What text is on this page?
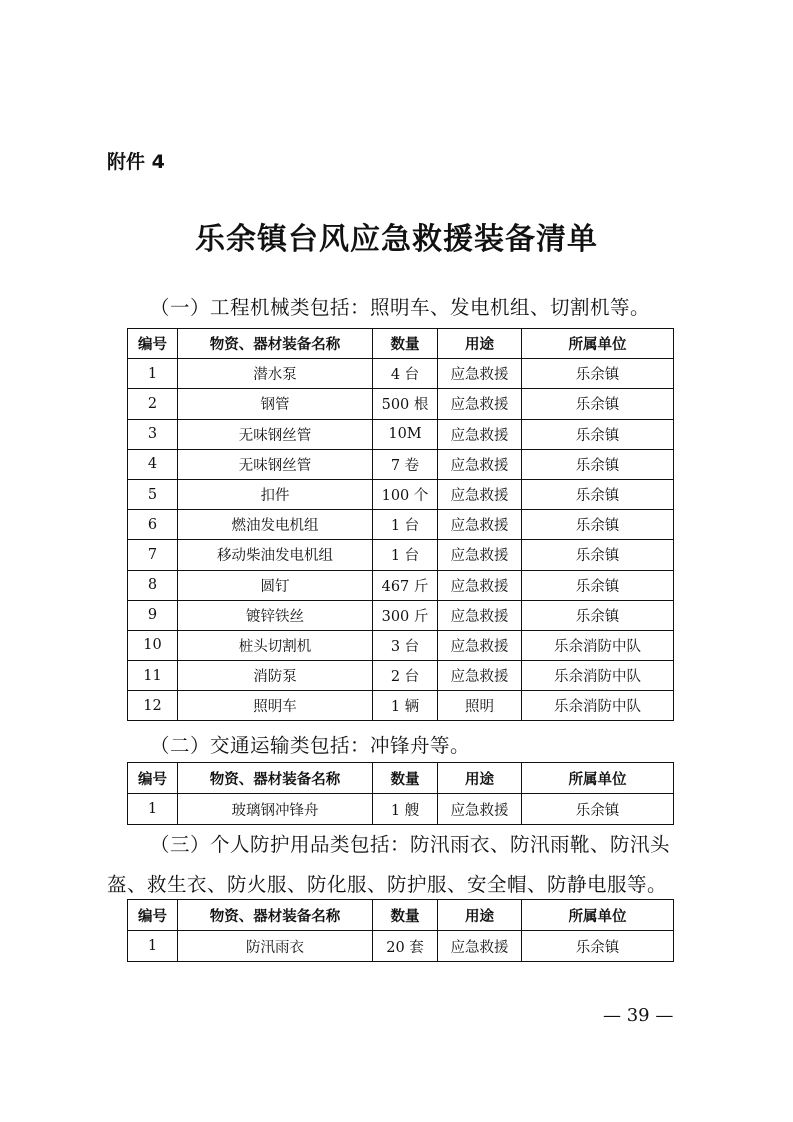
附件 4
乐余镇台风应急救援装备清单
（一）工程机械类包括：照明车、发电机组、切割机等。
编号	物资、器材装备名称	数量	用途	所属单位
1	潜水泵	4 台	应急救援	乐余镇
2	钢管	500 根	应急救援	乐余镇
3	无味钢丝管	10M	应急救援	乐余镇
4	无味钢丝管	7 卷	应急救援	乐余镇
5	扣件	100 个	应急救援	乐余镇
6	燃油发电机组	1 台	应急救援	乐余镇
7	移动柴油发电机组	1 台	应急救援	乐余镇
8	圆钉	467 斤	应急救援	乐余镇
9	镀锌铁丝	300 斤	应急救援	乐余镇
10	桩头切割机	3 台	应急救援	乐余消防中队
11	消防泵	2 台	应急救援	乐余消防中队
12	照明车	1 辆	照明	乐余消防中队
（二）交通运输类包括：冲锋舟等。
编号	物资、器材装备名称	数量	用途	所属单位
1	玻璃钢冲锋舟	1 艘	应急救援	乐余镇
（三）个人防护用品类包括：防汛雨衣、防汛雨靴、防汛头
盔、救生衣、防火服、防化服、防护服、安全帽、防静电服等。
编号	物资、器材装备名称	数量	用途	所属单位
1	防汛雨衣	20 套	应急救援	乐余镇
— 39 —
